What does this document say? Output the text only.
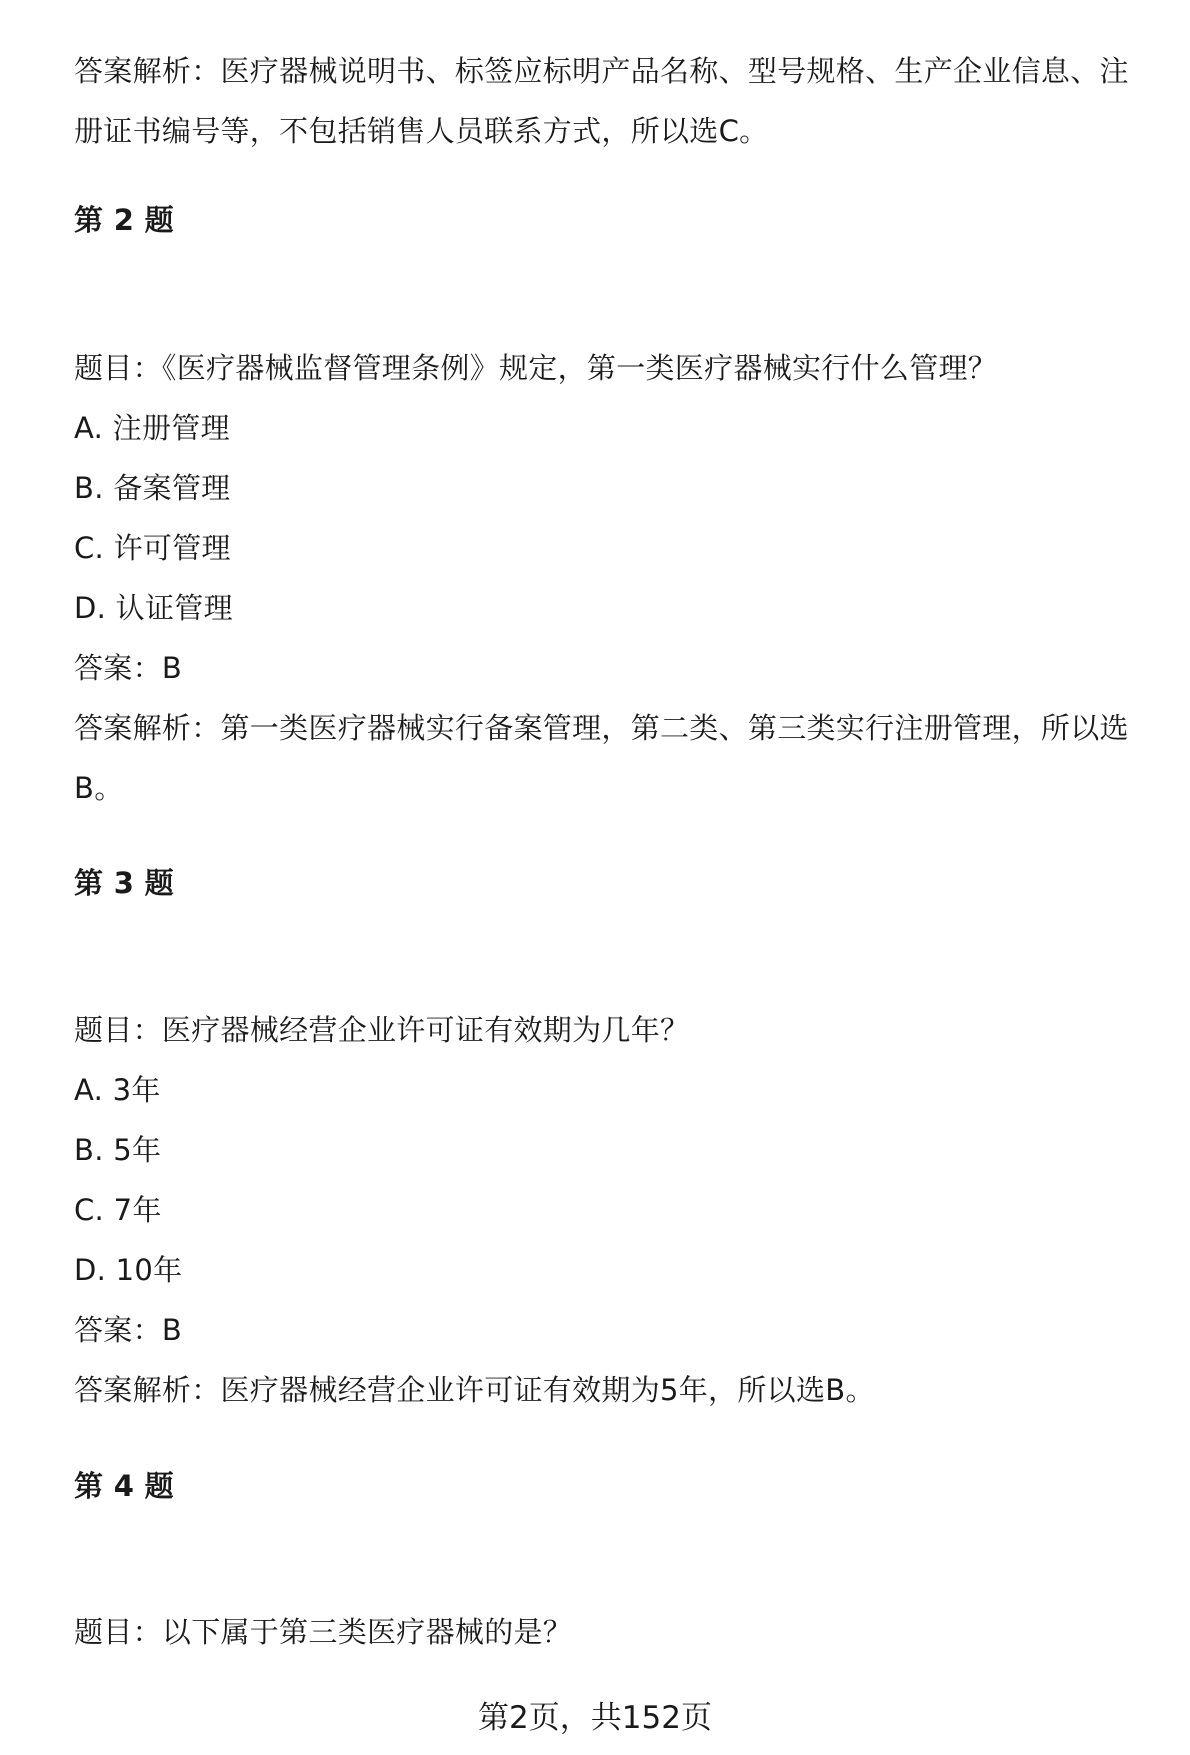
答案解析：医疗器械说明书、标签应标明产品名称、型号规格、生产企业信息、注
册证书编号等，不包括销售人员联系方式，所以选C。
第 2 题
题目：《医疗器械监督管理条例》规定，第一类医疗器械实行什么管理？
A. 注册管理
B. 备案管理
C. 许可管理
D. 认证管理
答案：B
答案解析：第一类医疗器械实行备案管理，第二类、第三类实行注册管理，所以选
B。
第 3 题
题目：医疗器械经营企业许可证有效期为几年？
A. 3年
B. 5年
C. 7年
D. 10年
答案：B
答案解析：医疗器械经营企业许可证有效期为5年，所以选B。
第 4 题
题目：以下属于第三类医疗器械的是？
第2页，共152页
